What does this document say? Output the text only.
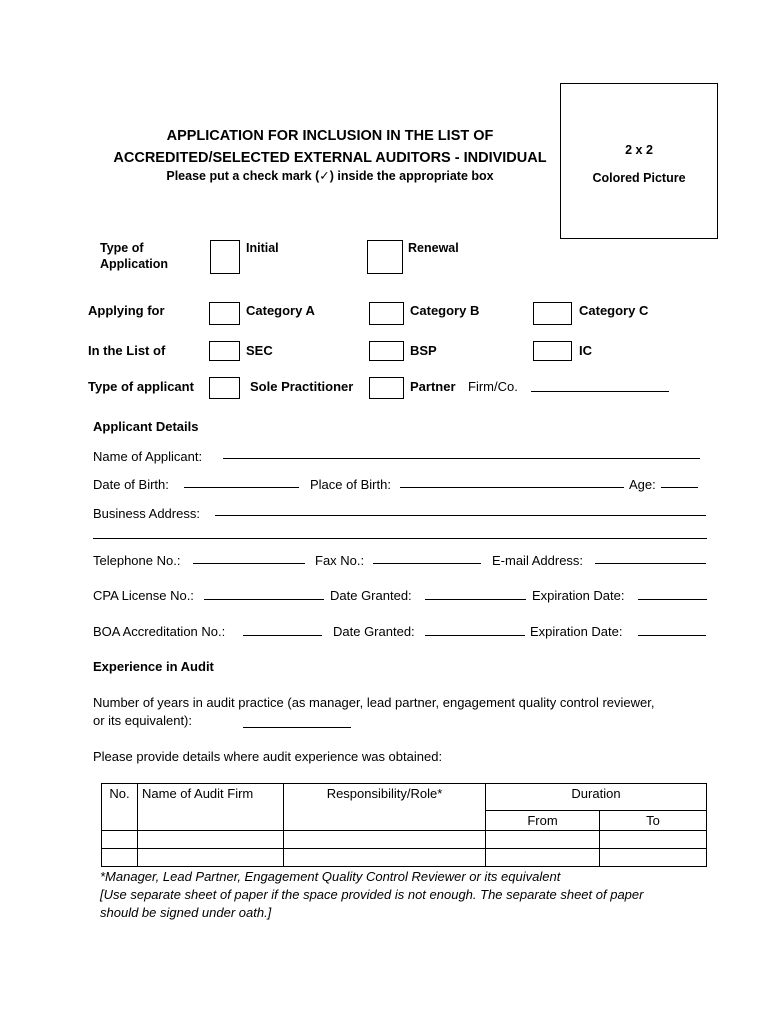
APPLICATION FOR INCLUSION IN THE LIST OF
ACCREDITED/SELECTED EXTERNAL AUDITORS - INDIVIDUAL
Please put a check mark (✓) inside the appropriate box
2 x 2
Colored Picture
Type of
Application
Initial	Renewal
Applying for	Category A	Category B	Category C
In the List of	SEC	BSP	IC
Type of applicant	Sole Practitioner	Partner Firm/Co.
Applicant Details
Name of Applicant:
Date of Birth:	Place of Birth:	Age:
Business Address:
Telephone No.:	Fax No.:	E-mail Address:
CPA License No.:	Date Granted:	Expiration Date:
BOA Accreditation No.:	Date Granted:	Expiration Date:
Experience in Audit
Number of years in audit practice (as manager, lead partner, engagement quality control reviewer,
or its equivalent):
Please provide details where audit experience was obtained:
No.	Name of Audit Firm	Responsibility/Role*	Duration	
			From	To

*Manager, Lead Partner, Engagement Quality Control Reviewer or its equivalent
[Use separate sheet of paper if the space provided is not enough. The separate sheet of paper
should be signed under oath.]
